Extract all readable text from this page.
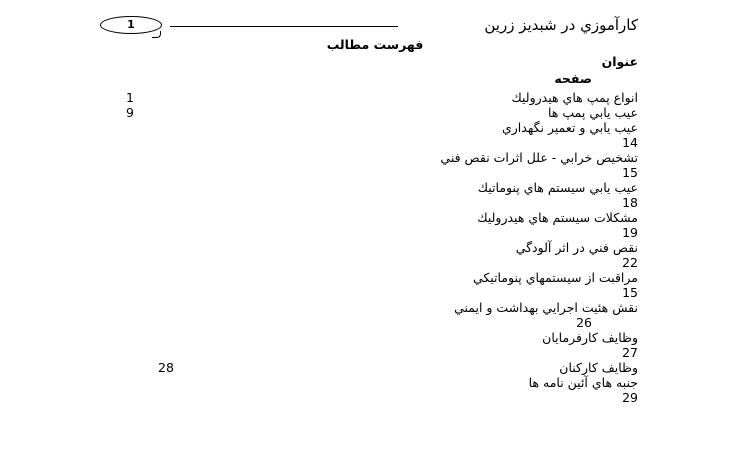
1	کارآموزي در شبديز زرين
فهرست مطالب
عنوان
صفحه
انواع پمپ هاي هيدروليك
1
عيب يابي پمپ ها
9
عيب يابي و تعمير نگهداري
14
تشخيص خرابي - علل اثرات نقص فني
15
عيب يابي سيستم هاي پنوماتيك
18
مشكلات سيستم هاي هيدروليك
19
نقص فني در اثر آلودگي
22
مراقبت از سيستمهاي پنوماتيكي
15
نقش هئيت اجرايي بهداشت و ايمني
26
وظايف كارفرمايان
27
وظايف كاركنان
28
جنبه هاي آئين نامه ها
29
